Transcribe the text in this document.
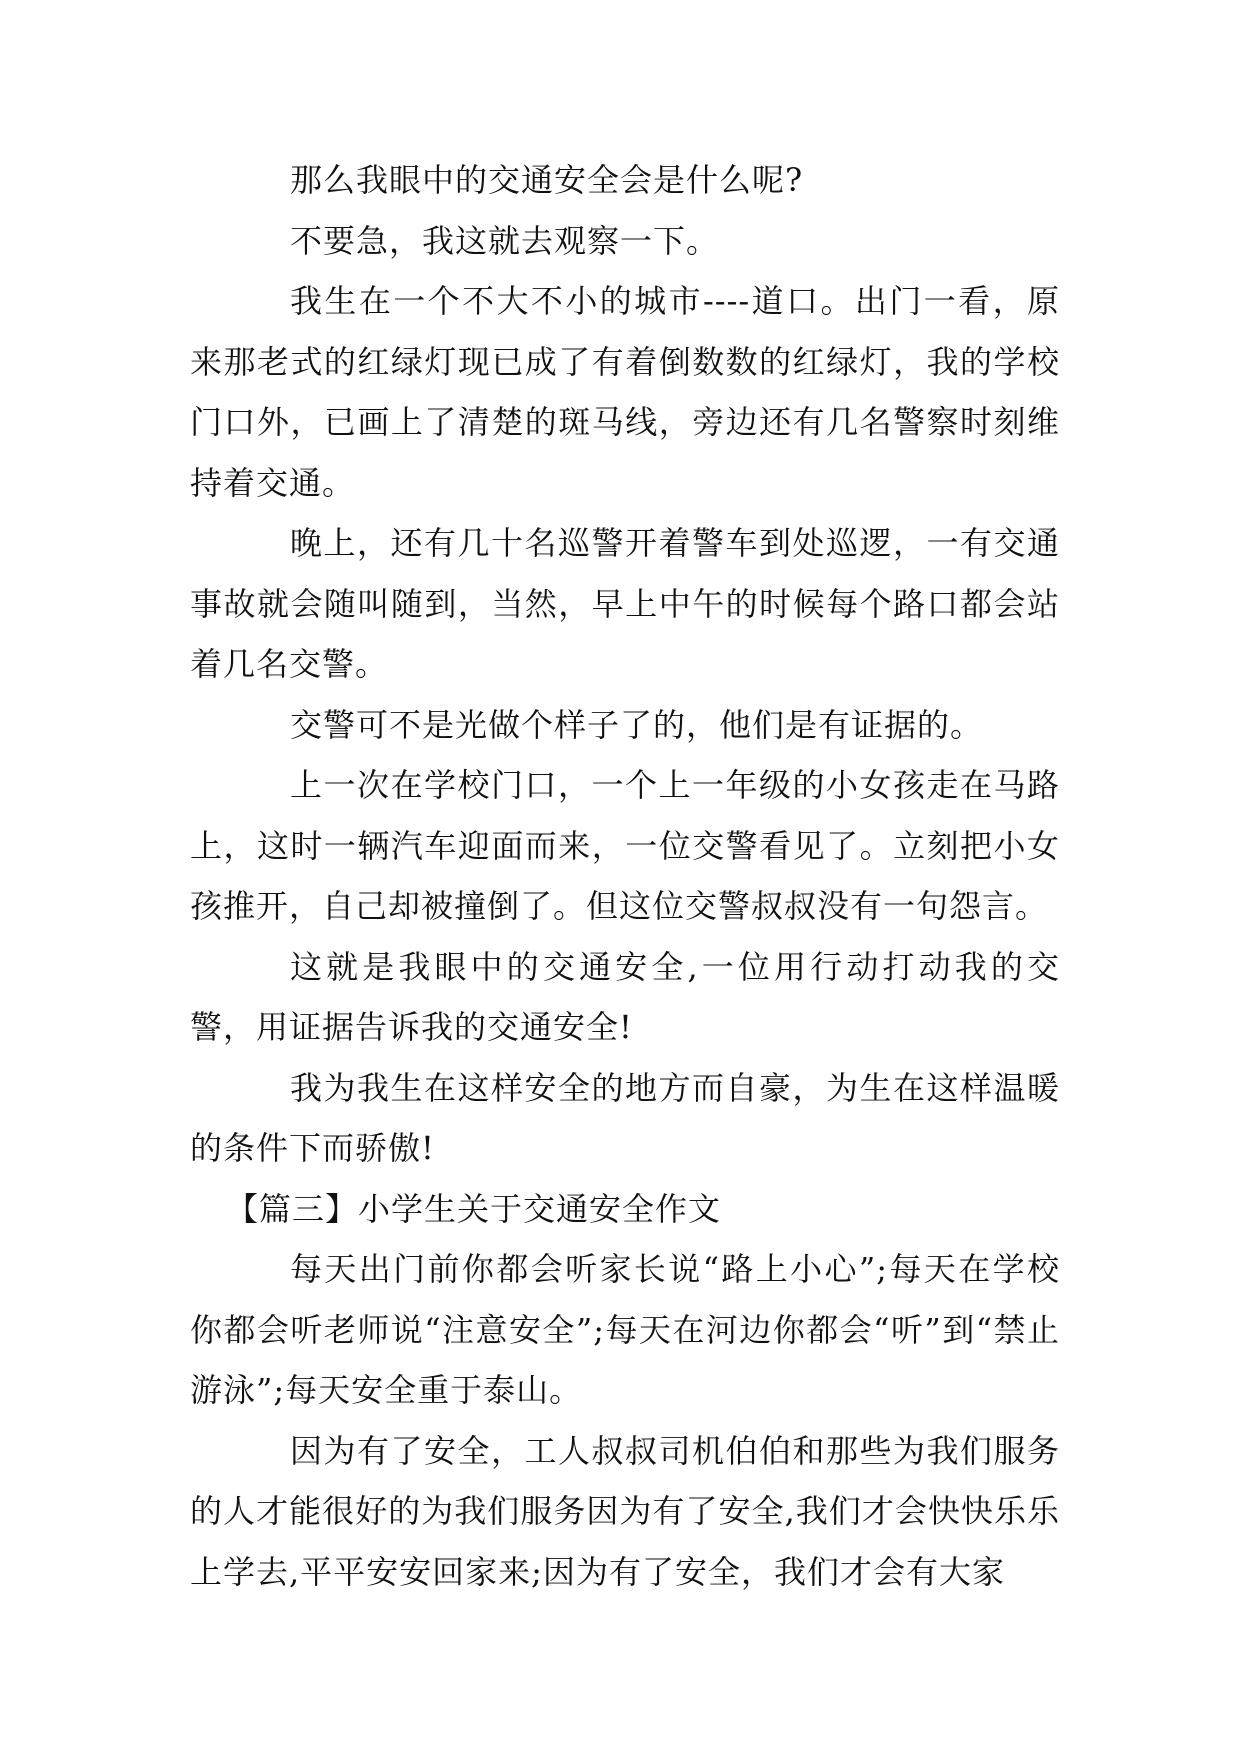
那么我眼中的交通安全会是什么呢?

不要急，我这就去观察一下。

我生在一个不大不小的城市----道口。出门一看，原来那老式的红绿灯现已成了有着倒数数的红绿灯，我的学校门口外，已画上了清楚的斑马线，旁边还有几名警察时刻维持着交通。

晚上，还有几十名巡警开着警车到处巡逻，一有交通事故就会随叫随到，当然，早上中午的时候每个路口都会站着几名交警。

交警可不是光做个样子了的，他们是有证据的。

上一次在学校门口，一个上一年级的小女孩走在马路上，这时一辆汽车迎面而来，一位交警看见了。立刻把小女孩推开，自己却被撞倒了。但这位交警叔叔没有一句怨言。

这就是我眼中的交通安全,一位用行动打动我的交警，用证据告诉我的交通安全!

我为我生在这样安全的地方而自豪，为生在这样温暖的条件下而骄傲!

【篇三】小学生关于交通安全作文

每天出门前你都会听家长说“路上小心”;每天在学校你都会听老师说“注意安全”;每天在河边你都会“听”到“禁止游泳”;每天安全重于泰山。

因为有了安全，工人叔叔司机伯伯和那些为我们服务的人才能很好的为我们服务因为有了安全,我们才会快快乐乐上学去,平平安安回家来;因为有了安全，我们才会有大家
